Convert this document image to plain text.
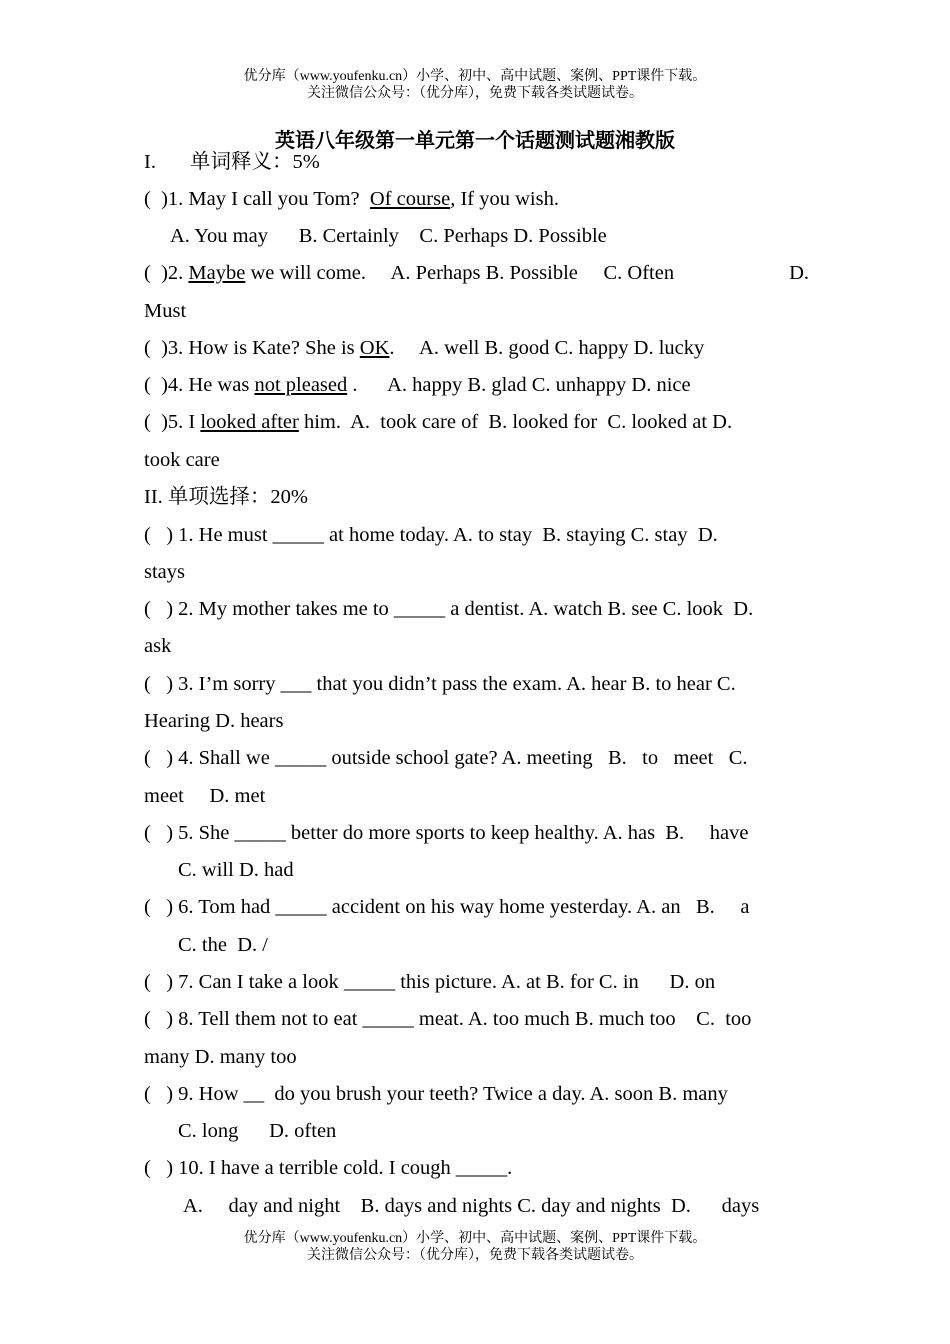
优分库（www.youfenku.cn）小学、初中、高中试题、案例、PPT课件下载。
关注微信公众号：（优分库），免费下载各类试题试卷。
英语八年级第一单元第一个话题测试题湘教版
I. 单词释义：5%
(  )1. May I call you Tom?  Of course, If you wish.
A. You may      B. Certainly    C. Perhaps D. Possible
(  )2. Maybe we will come.     A. Perhaps B. Possible     C. Often	D.
Must
(  )3. How is Kate? She is OK.     A. well B. good C. happy D. lucky
(  )4. He was not pleased .      A. happy B. glad C. unhappy D. nice
(  )5. I looked after him.  A.  took care of  B. looked for  C. looked at D.
took care
II. 单项选择：20%
(   ) 1. He must _____ at home today. A. to stay  B. staying C. stay  D.
stays
(   ) 2. My mother takes me to _____ a dentist. A. watch B. see C. look  D.
ask
(   ) 3. I’m sorry ___ that you didn’t pass the exam. A. hear B. to hear C.
Hearing D. hears
(   ) 4. Shall we _____ outside school gate? A. meeting   B.   to   meet   C.
meet     D. met
(   ) 5. She _____ better do more sports to keep healthy. A. has  B.     have
C. will D. had
(   ) 6. Tom had _____ accident on his way home yesterday. A. an   B.     a
C. the  D. /
(   ) 7. Can I take a look _____ this picture. A. at B. for C. in      D. on
(   ) 8. Tell them not to eat _____ meat. A. too much B. much too    C.  too
many D. many too
(   ) 9. How __  do you brush your teeth? Twice a day. A. soon B. many
C. long      D. often
(   ) 10. I have a terrible cold. I cough _____.
A.     day and night    B. days and nights C. day and nights  D.      days
优分库（www.youfenku.cn）小学、初中、高中试题、案例、PPT课件下载。
关注微信公众号：（优分库），免费下载各类试题试卷。
